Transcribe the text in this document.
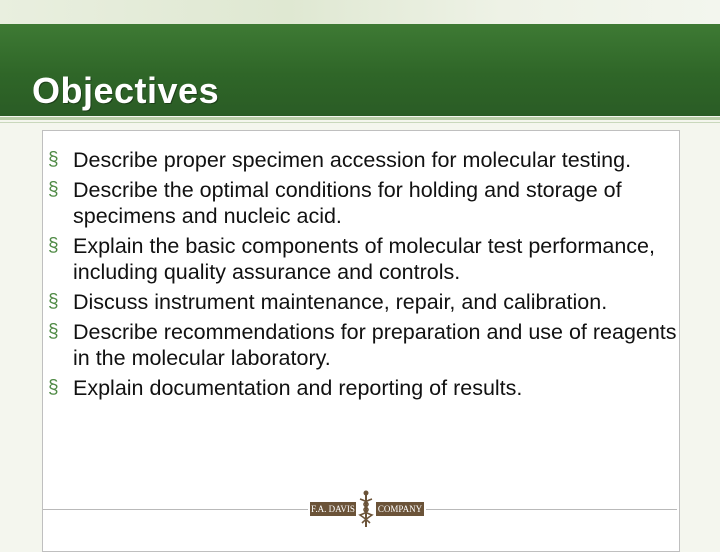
Objectives
§ Describe proper specimen accession for molecular testing.
§ Describe the optimal conditions for holding and storage of specimens and nucleic acid.
§ Explain the basic components of molecular test performance, including quality assurance and controls.
§ Discuss instrument maintenance, repair, and calibration.
§ Describe recommendations for preparation and use of reagents in the molecular laboratory.
§ Explain documentation and reporting of results.
F.A. DAVIS	COMPANY
